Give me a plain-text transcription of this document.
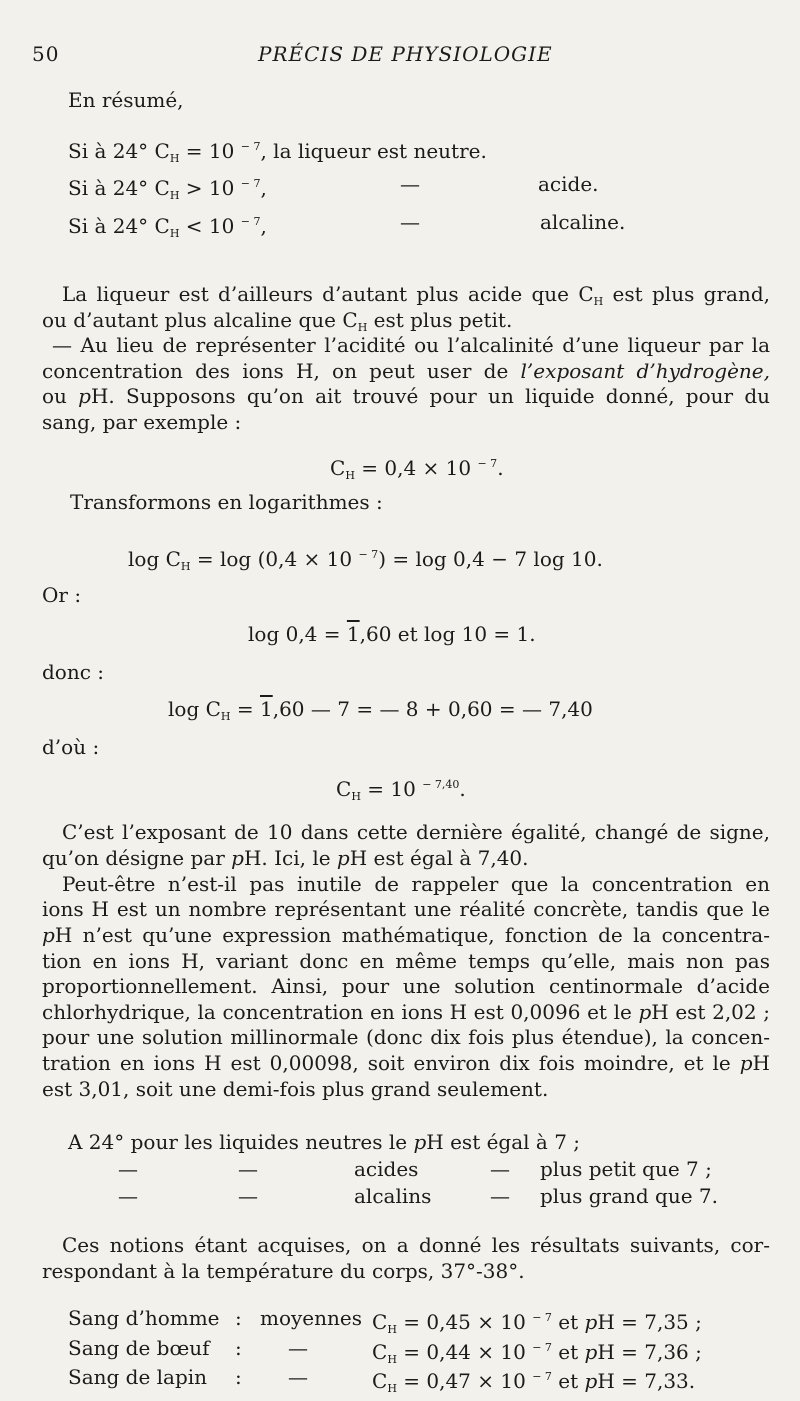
50	PRÉCIS DE PHYSIOLOGIE
En résumé,
Si à 24° $C_H = 10$ $^{- 7}$, la liqueur est neutre.
Si à 24° $C_H > 10$ $^{- 7}$,	—	acide.
Si à 24° $C_H < 10$ $^{- 7}$,	—	alcaline.
 La liqueur est d’ailleurs d’autant plus acide que $C_H$ est plus grand,
ou d’autant plus alcaline que $C_H$ est plus petit.
 — Au lieu de représenter l’acidité ou l’alcalinité d’une liqueur par la
concentration des ions H, on peut user de l’exposant d’hydrogène,
ou pH. Supposons qu’on ait trouvé pour un liquide donné, pour du
sang, par exemple :
$C_H = 0,4 \times 10$ $^{- 7}$.
Transformons en logarithmes :
$\log C_H = \log (0,4 \times 10$ $^{- 7}$) = log 0,4 − 7 log 10.
Or :
log 0,4 = 1,60 et log 10 = 1.
donc :
$\log C_H = 1,60$ — 7 = — 8 + 0,60 = — 7,40
d’où :
$C_H = 10$ $^{- 7,40}$.
 C’est l’exposant de 10 dans cette dernière égalité, changé de signe,
qu’on désigne par pH. Ici, le pH est égal à 7,40.
 Peut-être n’est-il pas inutile de rappeler que la concentration en
ions H est un nombre représentant une réalité concrète, tandis que le
pH n’est qu’une expression mathématique, fonction de la concentra-
tion en ions H, variant donc en même temps qu’elle, mais non pas
proportionnellement. Ainsi, pour une solution centinormale d’acide
chlorhydrique, la concentration en ions H est 0,0096 et le pH est 2,02 ;
pour une solution millinormale (donc dix fois plus étendue), la concen-
tration en ions H est 0,00098, soit environ dix fois moindre, et le pH
est 3,01, soit une demi-fois plus grand seulement.
A 24° pour les liquides neutres le pH est égal à 7 ;
—	—	acides	— plus petit que 7 ;
—	—	alcalins	— plus grand que 7.
 Ces notions étant acquises, on a donné les résultats suivants, cor-
respondant à la température du corps, 37°-38°.
Sang d’homme : moyennes $C_H = 0,45 \times 10$ $^{- 7}$ et pH = 7,35 ;
Sang de bœuf : —	$C_H = 0,44 \times 10$ $^{- 7}$ et pH = 7,36 ;
Sang de lapin : —	$C_H = 0,47 \times 10$ $^{- 7}$ et pH = 7,33.
